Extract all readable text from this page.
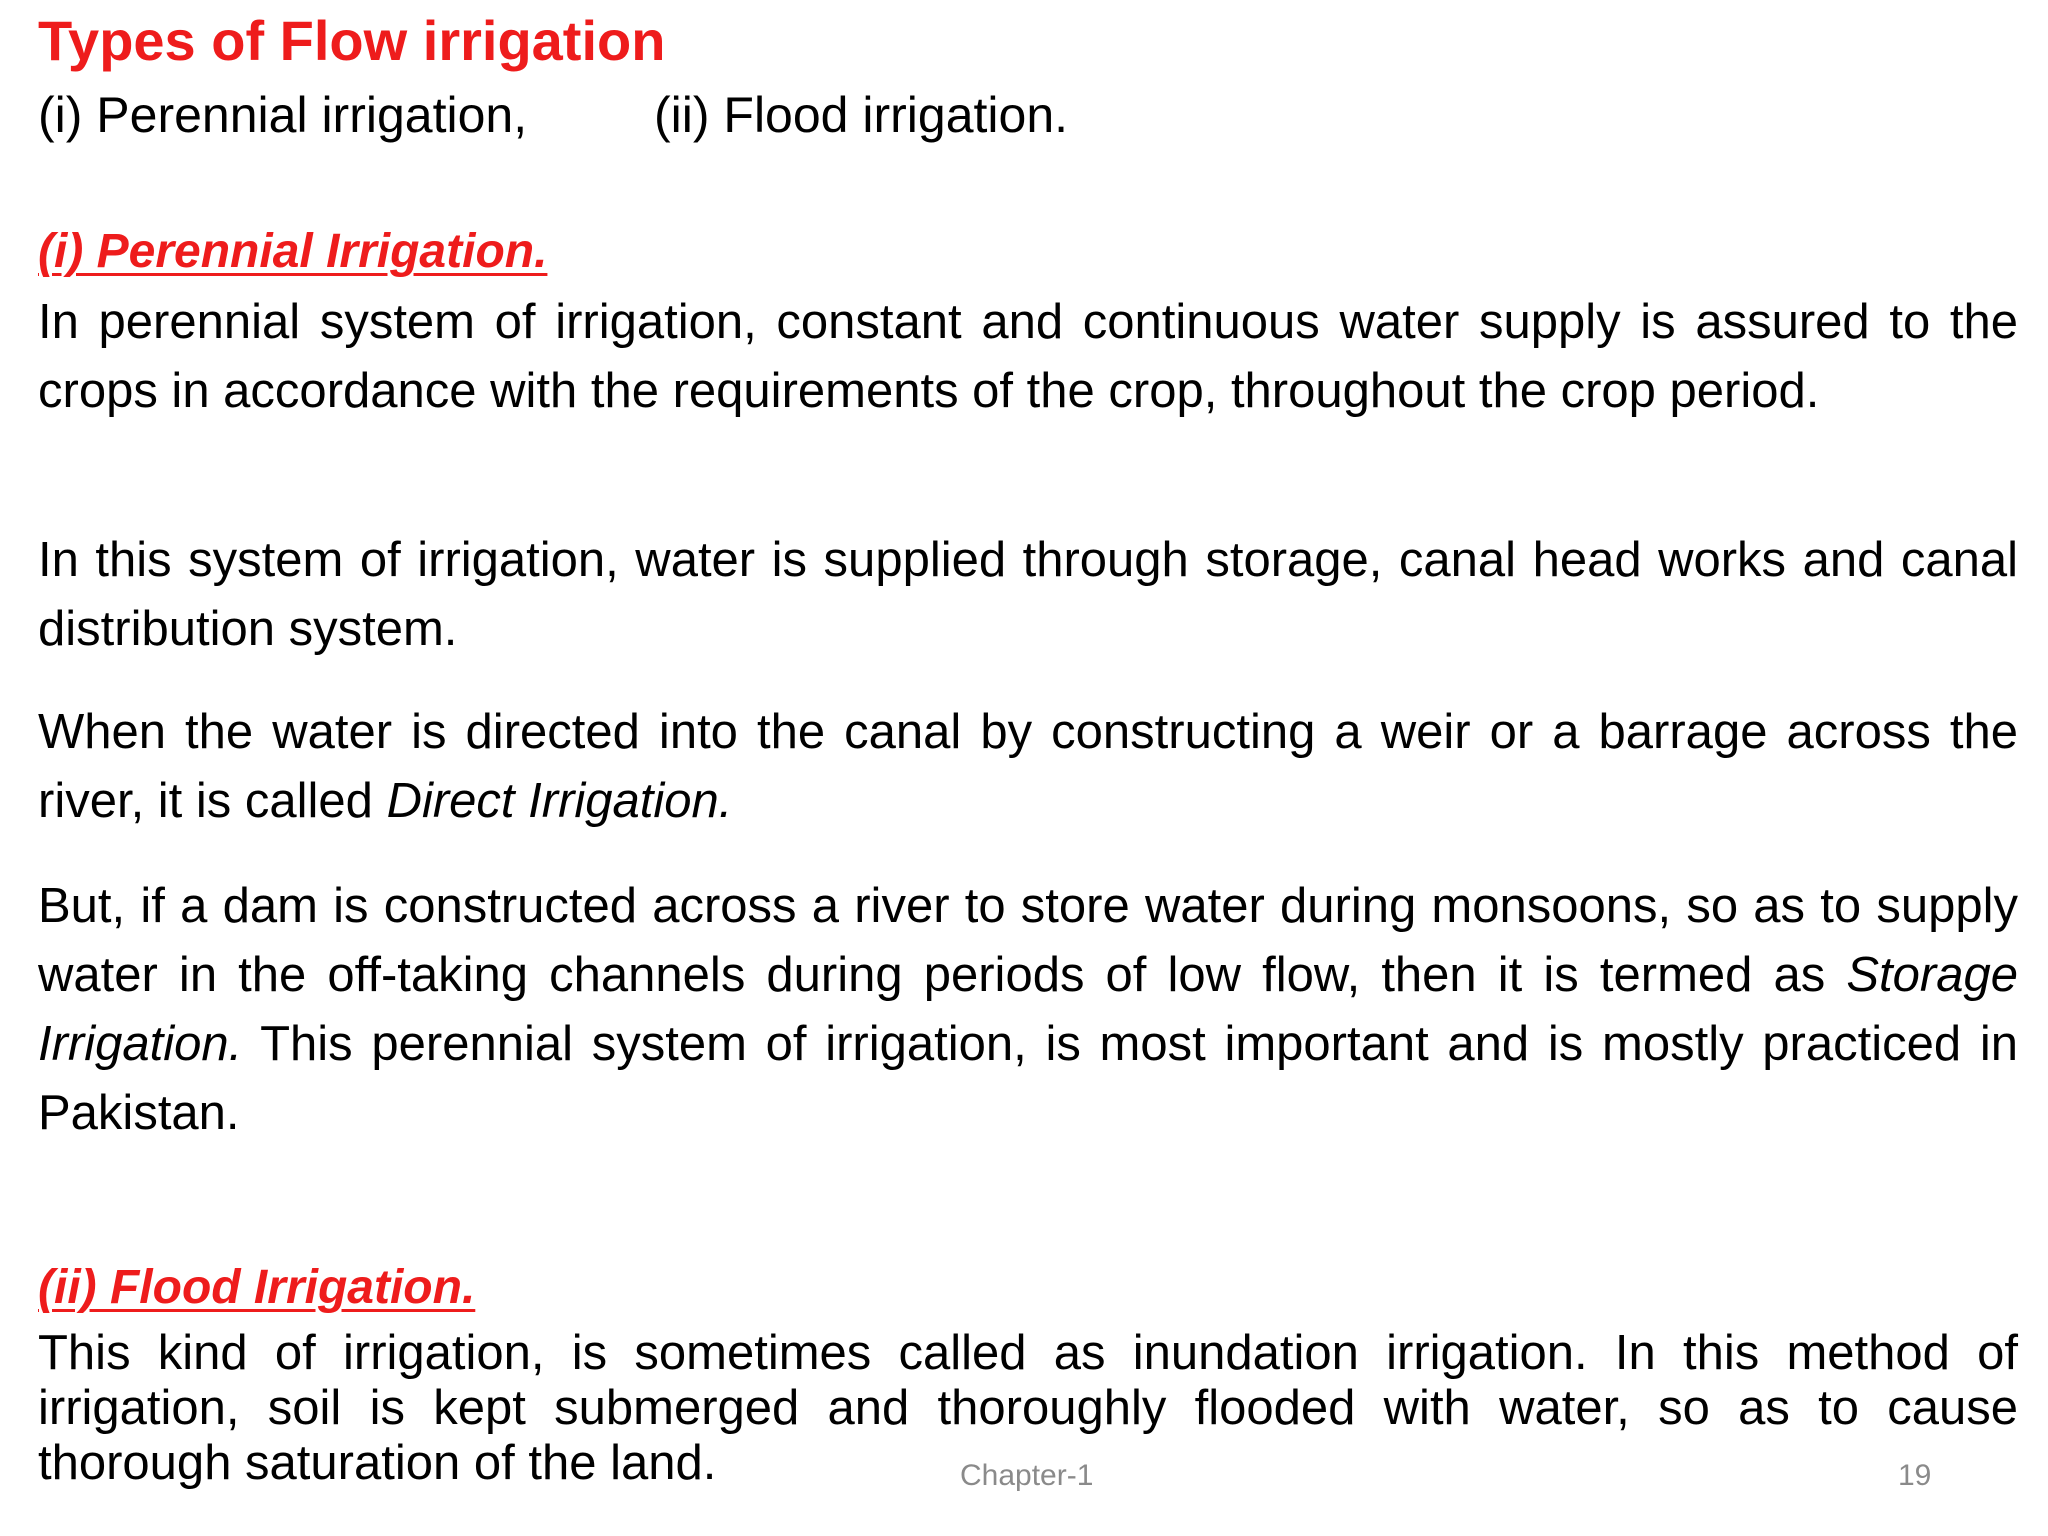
Types of Flow irrigation
(i) Perennial irrigation,	(ii) Flood irrigation.
(i) Perennial Irrigation.
In perennial system of irrigation, constant and continuous water supply is assured to the crops in accordance with the requirements of the crop, throughout the crop period.
In this system of irrigation, water is supplied through storage, canal head works and canal distribution system.
When the water is directed into the canal by constructing a weir or a barrage across the river, it is called Direct Irrigation.
But, if a dam is constructed across a river to store water during monsoons, so as to supply water in the off-taking channels during periods of low flow, then it is termed as Storage Irrigation. This perennial system of irrigation, is most important and is mostly practiced in Pakistan.
(ii) Flood Irrigation.
This kind of irrigation, is sometimes called as inundation irrigation. In this method of irrigation, soil is kept submerged and thoroughly flooded with water, so as to cause thorough saturation of the land.	Chapter-1	19
